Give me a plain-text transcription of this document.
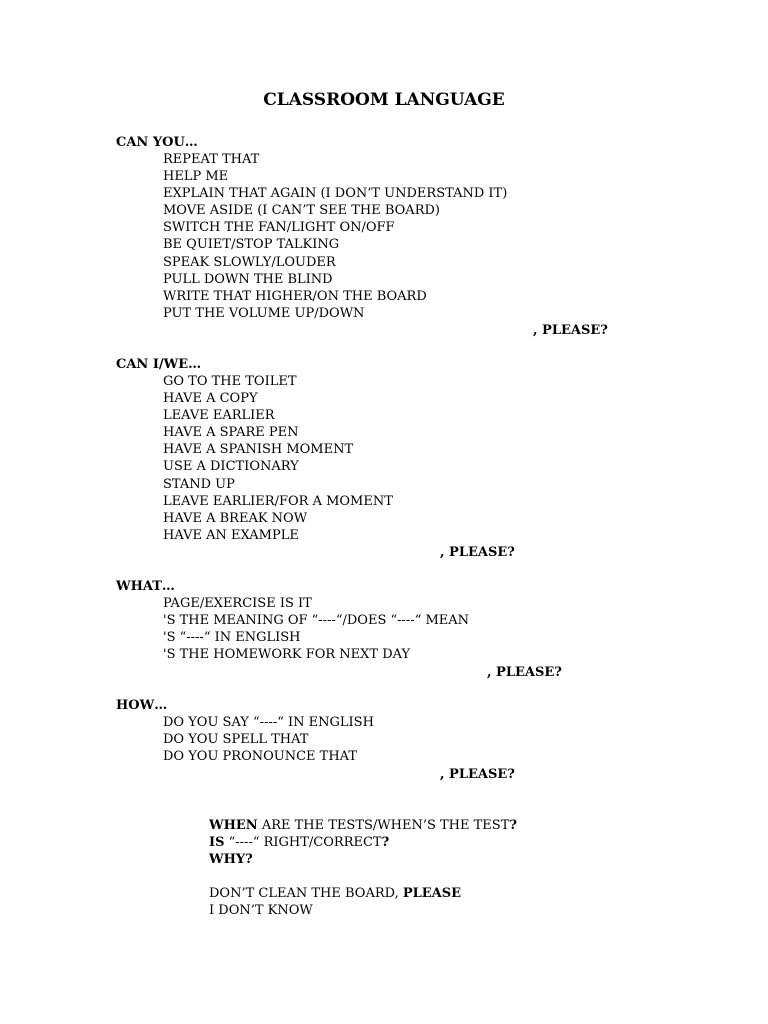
CLASSROOM LANGUAGE
CAN YOU…
REPEAT THAT
HELP ME
EXPLAIN THAT AGAIN (I DON’T UNDERSTAND IT)
MOVE ASIDE (I CAN’T SEE THE BOARD)
SWITCH THE FAN/LIGHT ON/OFF
BE QUIET/STOP TALKING
SPEAK SLOWLY/LOUDER
PULL DOWN THE BLIND
WRITE THAT HIGHER/ON THE BOARD
PUT THE VOLUME UP/DOWN
, PLEASE?
CAN I/WE…
GO TO THE TOILET
HAVE A COPY
LEAVE EARLIER
HAVE A SPARE PEN
HAVE A SPANISH MOMENT
USE A DICTIONARY
STAND UP
LEAVE EARLIER/FOR A MOMENT
HAVE A BREAK NOW
HAVE AN EXAMPLE
, PLEASE?
WHAT…
PAGE/EXERCISE IS IT
'S THE MEANING OF “----“/DOES “----“ MEAN
'S “----“ IN ENGLISH
'S THE HOMEWORK FOR NEXT DAY
, PLEASE?
HOW…
DO YOU SAY “----“ IN ENGLISH
DO YOU SPELL THAT
DO YOU PRONOUNCE THAT
, PLEASE?
WHEN ARE THE TESTS/WHEN’S THE TEST?
IS “----“ RIGHT/CORRECT?
WHY?
DON’T CLEAN THE BOARD, PLEASE
I DON’T KNOW
